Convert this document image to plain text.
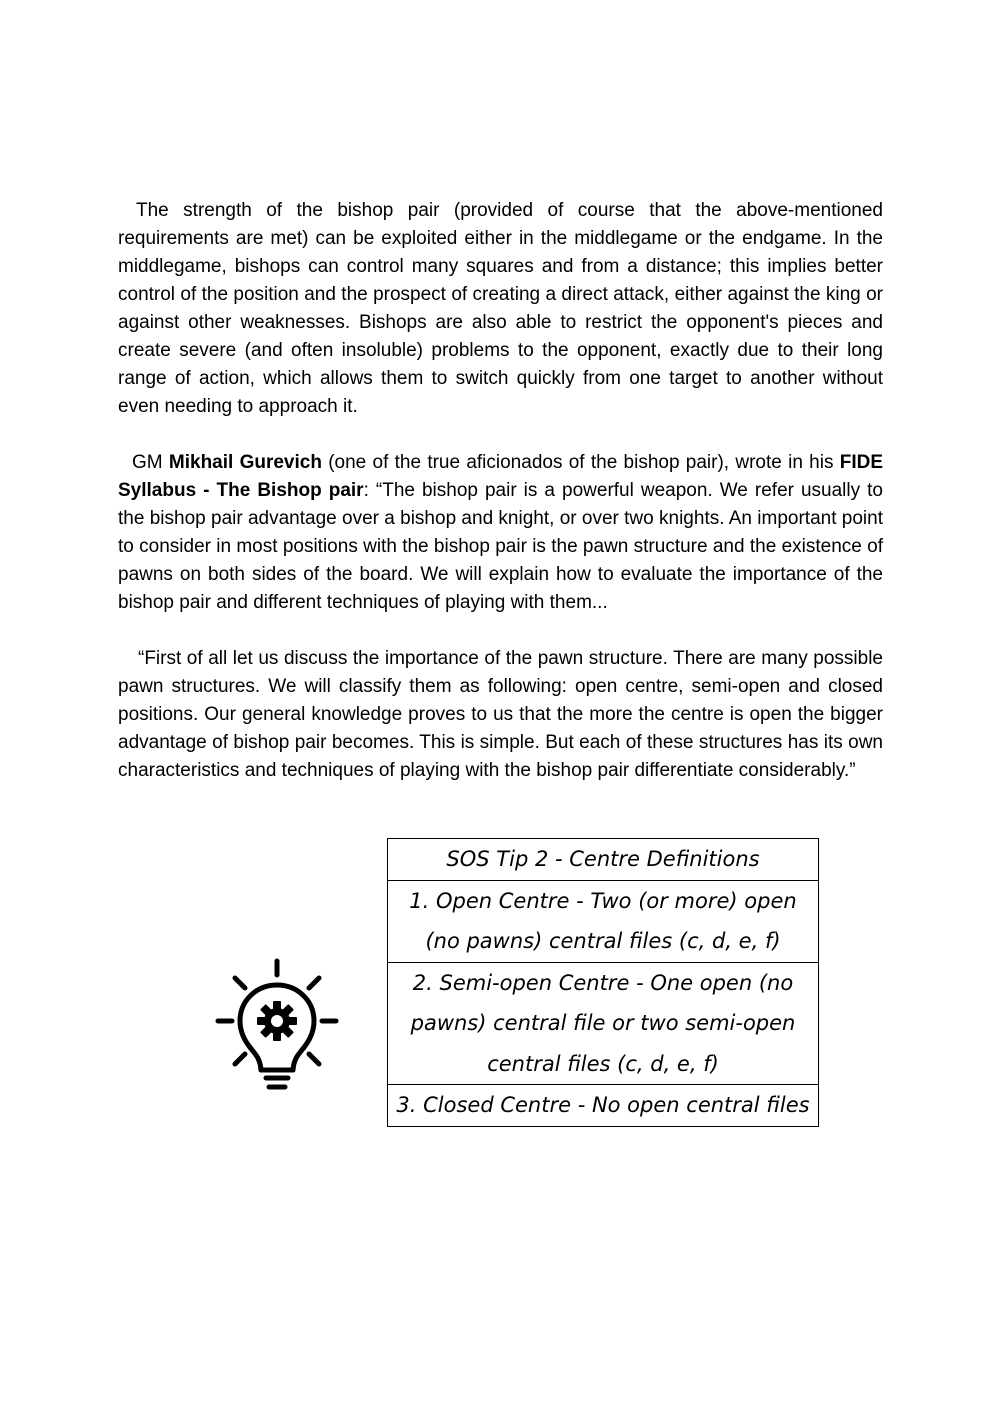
The strength of the bishop pair (provided of course that the above-mentioned requirements are met) can be exploited either in the middlegame or the endgame. In the middlegame, bishops can control many squares and from a distance; this implies better control of the position and the prospect of creating a direct attack, either against the king or against other weaknesses. Bishops are also able to restrict the opponent's pieces and create severe (and often insoluble) problems to the opponent, exactly due to their long range of action, which allows them to switch quickly from one target to another without even needing to approach it.

GM Mikhail Gurevich (one of the true aficionados of the bishop pair), wrote in his FIDE Syllabus - The Bishop pair: “The bishop pair is a powerful weapon. We refer usually to the bishop pair advantage over a bishop and knight, or over two knights. An important point to consider in most positions with the bishop pair is the pawn structure and the existence of pawns on both sides of the board. We will explain how to evaluate the importance of the bishop pair and different techniques of playing with them...

“First of all let us discuss the importance of the pawn structure. There are many possible pawn structures. We will classify them as following: open centre, semi-open and closed positions. Our general knowledge proves to us that the more the centre is open the bigger advantage of bishop pair becomes. This is simple. But each of these structures has its own characteristics and techniques of playing with the bishop pair differentiate considerably.”

SOS Tip 2 - Centre Definitions
1. Open Centre - Two (or more) open (no pawns) central files (c, d, e, f)
2. Semi-open Centre - One open (no pawns) central file or two semi-open central files (c, d, e, f)
3. Closed Centre - No open central files
